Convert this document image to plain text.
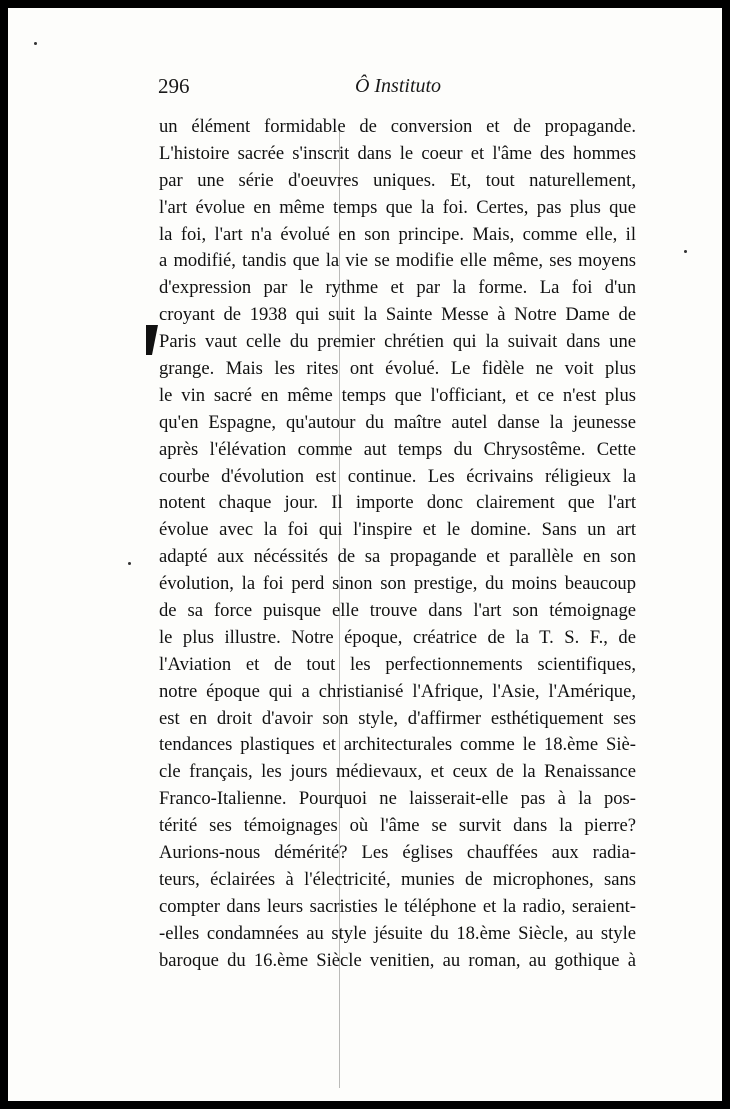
296	Ô Instituto
un élément formidable de conversion et de propagande.
L'histoire sacrée s'inscrit dans le coeur et l'âme des hommes
par une série d'oeuvres uniques. Et, tout naturellement,
l'art évolue en même temps que la foi. Certes, pas plus que
la foi, l'art n'a évolué en son principe. Mais, comme elle, il
a modifié, tandis que la vie se modifie elle même, ses moyens
d'expression par le rythme et par la forme. La foi d'un
croyant de 1938 qui suit la Sainte Messe à Notre Dame de
Paris vaut celle du premier chrétien qui la suivait dans une
grange. Mais les rites ont évolué. Le fidèle ne voit plus
le vin sacré en même temps que l'officiant, et ce n'est plus
qu'en Espagne, qu'autour du maître autel danse la jeunesse
après l'élévation comme aut temps du Chrysostême. Cette
courbe d'évolution est continue. Les écrivains réligieux la
notent chaque jour. Il importe donc clairement que l'art
évolue avec la foi qui l'inspire et le domine. Sans un art
adapté aux nécéssités de sa propagande et parallèle en son
évolution, la foi perd sinon son prestige, du moins beaucoup
de sa force puisque elle trouve dans l'art son témoignage
le plus illustre. Notre époque, créatrice de la T. S. F., de
l'Aviation et de tout les perfectionnements scientifiques,
notre époque qui a christianisé l'Afrique, l'Asie, l'Amérique,
est en droit d'avoir son style, d'affirmer esthétiquement ses
tendances plastiques et architecturales comme le 18.ème Siè-
cle français, les jours médievaux, et ceux de la Renaissance
Franco-Italienne. Pourquoi ne laisserait-elle pas à la pos-
térité ses témoignages où l'âme se survit dans la pierre?
Aurions-nous démérité? Les églises chauffées aux radia-
teurs, éclairées à l'électricité, munies de microphones, sans
compter dans leurs sacristies le téléphone et la radio, seraient-
-elles condamnées au style jésuite du 18.ème Siècle, au style
baroque du 16.ème Siècle venitien, au roman, au gothique à
